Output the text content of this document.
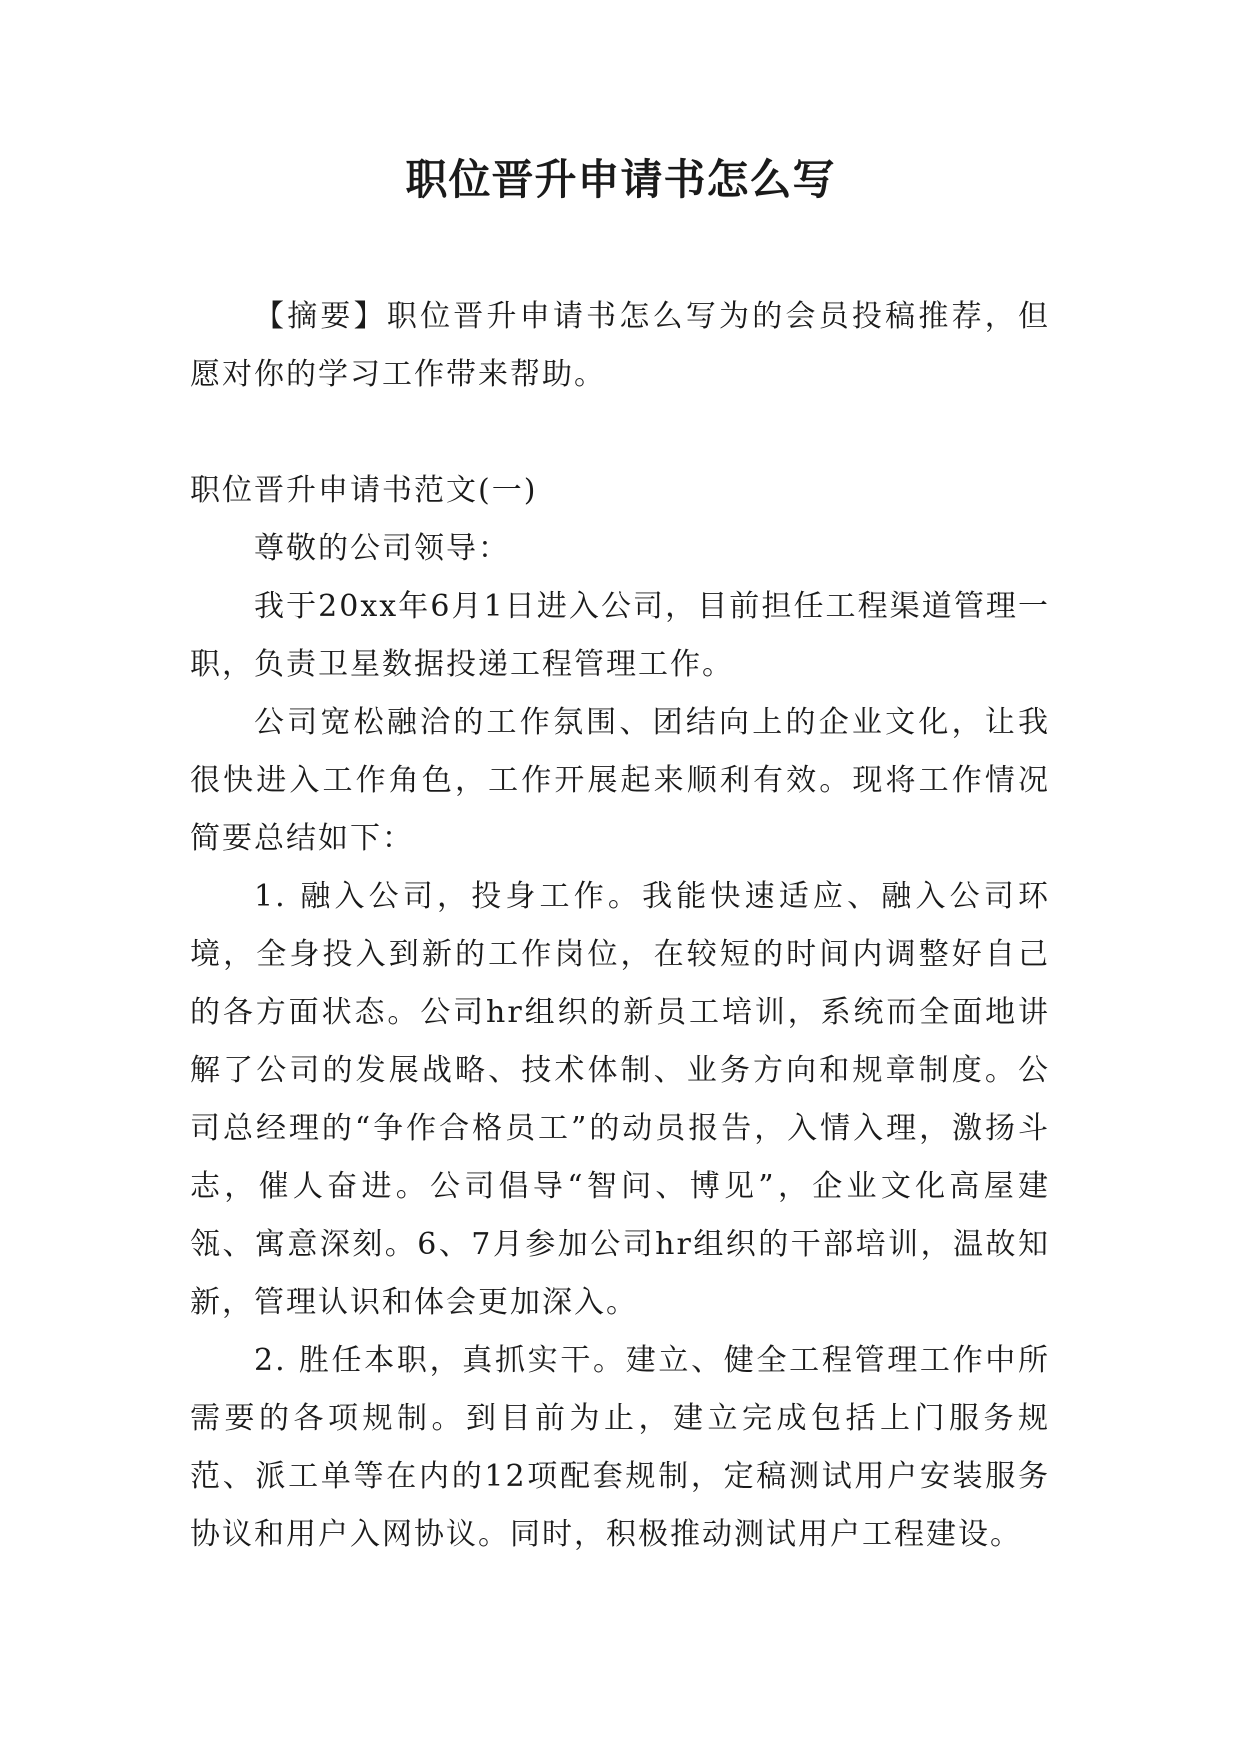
职位晋升申请书怎么写

【摘要】职位晋升申请书怎么写为的会员投稿推荐，但愿对你的学习工作带来帮助。

职位晋升申请书范文(一)

尊敬的公司领导：

我于20xx年6月1日进入公司，目前担任工程渠道管理一职，负责卫星数据投递工程管理工作。

公司宽松融洽的工作氛围、团结向上的企业文化，让我很快进入工作角色，工作开展起来顺利有效。现将工作情况简要总结如下：

1. 融入公司，投身工作。我能快速适应、融入公司环境，全身投入到新的工作岗位，在较短的时间内调整好自己的各方面状态。公司hr组织的新员工培训，系统而全面地讲解了公司的发展战略、技术体制、业务方向和规章制度。公司总经理的“争作合格员工”的动员报告，入情入理，激扬斗志，催人奋进。公司倡导“智问、博见”，企业文化高屋建瓴、寓意深刻。6、7月参加公司hr组织的干部培训，温故知新，管理认识和体会更加深入。

2. 胜任本职，真抓实干。建立、健全工程管理工作中所需要的各项规制。到目前为止，建立完成包括上门服务规范、派工单等在内的12项配套规制，定稿测试用户安装服务协议和用户入网协议。同时，积极推动测试用户工程建设。
